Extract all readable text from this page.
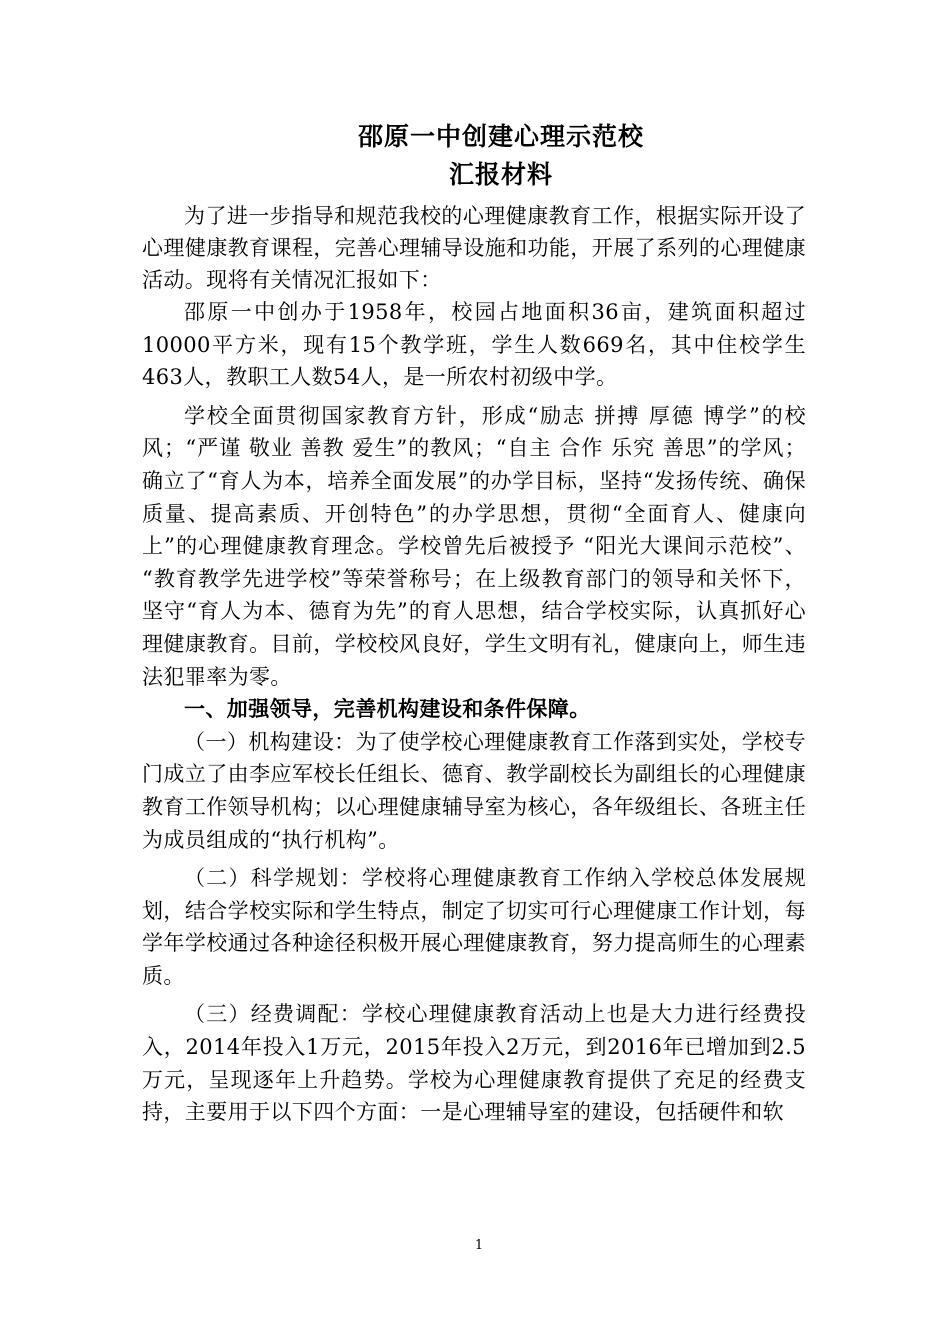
邵原一中创建心理示范校
汇报材料

为了进一步指导和规范我校的心理健康教育工作，根据实际开设了心理健康教育课程，完善心理辅导设施和功能，开展了系列的心理健康活动。现将有关情况汇报如下：

邵原一中创办于1958年，校园占地面积36亩，建筑面积超过10000平方米，现有15个教学班，学生人数669名，其中住校学生463人，教职工人数54人，是一所农村初级中学。

学校全面贯彻国家教育方针，形成“励志 拼搏 厚德 博学”的校风；“严谨 敬业 善教 爱生”的教风；“自主 合作 乐究 善思”的学风；确立了“育人为本，培养全面发展”的办学目标，坚持“发扬传统、确保质量、提高素质、开创特色”的办学思想，贯彻“全面育人、健康向上”的心理健康教育理念。学校曾先后被授予 “阳光大课间示范校”、 “教育教学先进学校”等荣誉称号；在上级教育部门的领导和关怀下，坚守“育人为本、德育为先”的育人思想，结合学校实际，认真抓好心理健康教育。目前，学校校风良好，学生文明有礼，健康向上，师生违法犯罪率为零。

一、加强领导，完善机构建设和条件保障。

（一）机构建设：为了使学校心理健康教育工作落到实处，学校专门成立了由李应军校长任组长、德育、教学副校长为副组长的心理健康教育工作领导机构；以心理健康辅导室为核心，各年级组长、各班主任为成员组成的“执行机构”。

（二）科学规划：学校将心理健康教育工作纳入学校总体发展规划，结合学校实际和学生特点，制定了切实可行心理健康工作计划，每学年学校通过各种途径积极开展心理健康教育，努力提高师生的心理素质。

（三）经费调配：学校心理健康教育活动上也是大力进行经费投入，2014年投入1万元，2015年投入2万元，到2016年已增加到2.5万元，呈现逐年上升趋势。学校为心理健康教育提供了充足的经费支持，主要用于以下四个方面：一是心理辅导室的建设，包括硬件和软

1
